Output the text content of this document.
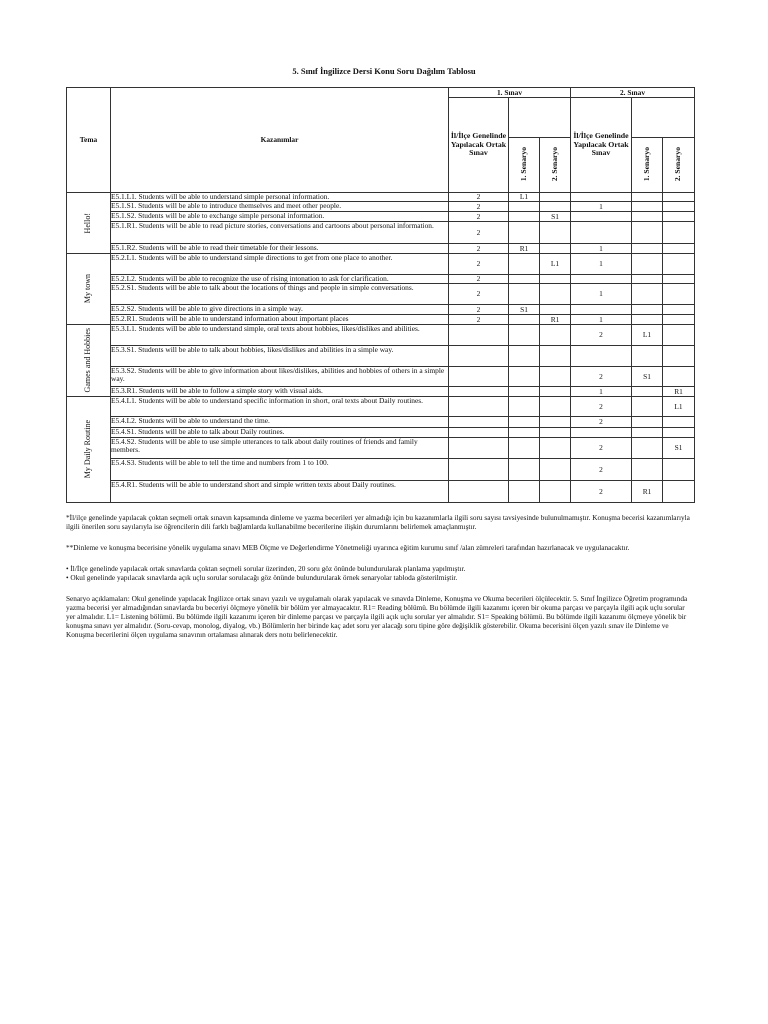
5. Sınıf İngilizce Dersi Konu Soru Dağılım Tablosu
Tema	Kazanımlar	1. Sınav			2. Sınav		
		İl/İlçe Genelinde Yapılacak Ortak Sınav			İl/İlçe Genelinde Yapılacak Ortak Sınav		
			1. Senaryo	2. Senaryo		1. Senaryo	2. Senaryo

Hello!	E5.1.L1. Students will be able to understand simple personal information.	2	L1				
	E5.1.S1. Students will be able to introduce themselves and meet other people.	2			1		
	E5.1.S2. Students will be able to exchange simple personal information.	2		S1			
	E5.1.R1. Students will be able to read picture stories, conversations and cartoons about personal information.	2					
	E5.1.R2. Students will be able to read their timetable for their lessons.	2	R1		1		

My town	E5.2.L1. Students will be able to understand simple directions to get from one place to another.	2		L1	1		
	E5.2.L2. Students will be able to recognize the use of rising intonation to ask for clarification.	2					
	E5.2.S1. Students will be able to talk about the locations of things and people in simple conversations.	2			1		
	E5.2.S2. Students will be able to give directions in a simple way.	2	S1				
	E5.2.R1. Students will be able to understand information about important places	2		R1	1		

Games and Hobbies	E5.3.L1. Students will be able to understand simple, oral texts about hobbies, likes/dislikes and abilities.				2	L1	
	E5.3.S1. Students will be able to talk about hobbies, likes/dislikes and abilities in a simple way.						
	E5.3.S2. Students will be able to give information about likes/dislikes, abilities and hobbies of others in a simple way.				2	S1	
	E5.3.R1. Students will be able to follow a simple story with visual aids.				1		R1

My Daily Routine	E5.4.L1. Students will be able to understand specific information in short, oral texts about Daily routines.				2		L1
	E5.4.L2. Students will be able to understand the time.				2		
	E5.4.S1. Students will be able to talk about Daily routines.						
	E5.4.S2. Students will be able to use simple utterances to talk about daily routines of friends and family members.				2		S1
	E5.4.S3. Students will be able to tell the time and numbers from 1 to 100.				2		
	E5.4.R1. Students will be able to understand short and simple written texts about Daily routines.				2	R1	

*İl/ilçe genelinde yapılacak çoktan seçmeli ortak sınavın kapsamında dinleme ve yazma becerileri yer almadığı için bu kazanımlarla ilgili soru sayısı tavsiyesinde bulunulmamıştır. Konuşma becerisi kazanımlarıyla ilgili önerilen soru sayılarıyla ise öğrencilerin dili farklı bağlamlarda kullanabilme becerilerine ilişkin durumlarını belirlemek amaçlanmıştır.

**Dinleme ve konuşma becerisine yönelik uygulama sınavı MEB Ölçme ve Değerlendirme Yönetmeliği uyarınca eğitim kurumu sınıf /alan zümreleri tarafından hazırlanacak ve uygulanacaktır.

• İl/İlçe genelinde yapılacak ortak sınavlarda çoktan seçmeli sorular üzerinden, 20 soru göz önünde bulundurularak planlama yapılmıştır.

• Okul genelinde yapılacak sınavlarda açık uçlu sorular sorulacağı göz önünde bulundurularak örnek senaryolar tabloda gösterilmiştir.

Senaryo açıklamaları: Okul genelinde yapılacak İngilizce ortak sınavı yazılı ve uygulamalı olarak yapılacak ve sınavda Dinleme, Konuşma ve Okuma becerileri ölçülecektir. 5. Sınıf İngilizce Öğretim programında yazma becerisi yer almadığından sınavlarda bu beceriyi ölçmeye yönelik bir bölüm yer almayacaktır. R1= Reading bölümü. Bu bölümde ilgili kazanımı içeren bir okuma parçası ve parçayla ilgili açık uçlu sorular yer almalıdır. L1= Listening bölümü. Bu bölümde ilgili kazanımı içeren bir dinleme parçası ve parçayla ilgili açık uçlu sorular yer almalıdır. S1= Speaking bölümü. Bu bölümde ilgili kazanımı ölçmeye yönelik bir konuşma sınavı yer almalıdır. (Soru-cevap, monolog, diyalog, vb.) Bölümlerin her birinde kaç adet soru yer alacağı soru tipine göre değişiklik gösterebilir. Okuma becerisini ölçen yazılı sınav ile Dinleme ve Konuşma becerilerini ölçen uygulama sınavının ortalaması alınarak ders notu belirlenecektir.
